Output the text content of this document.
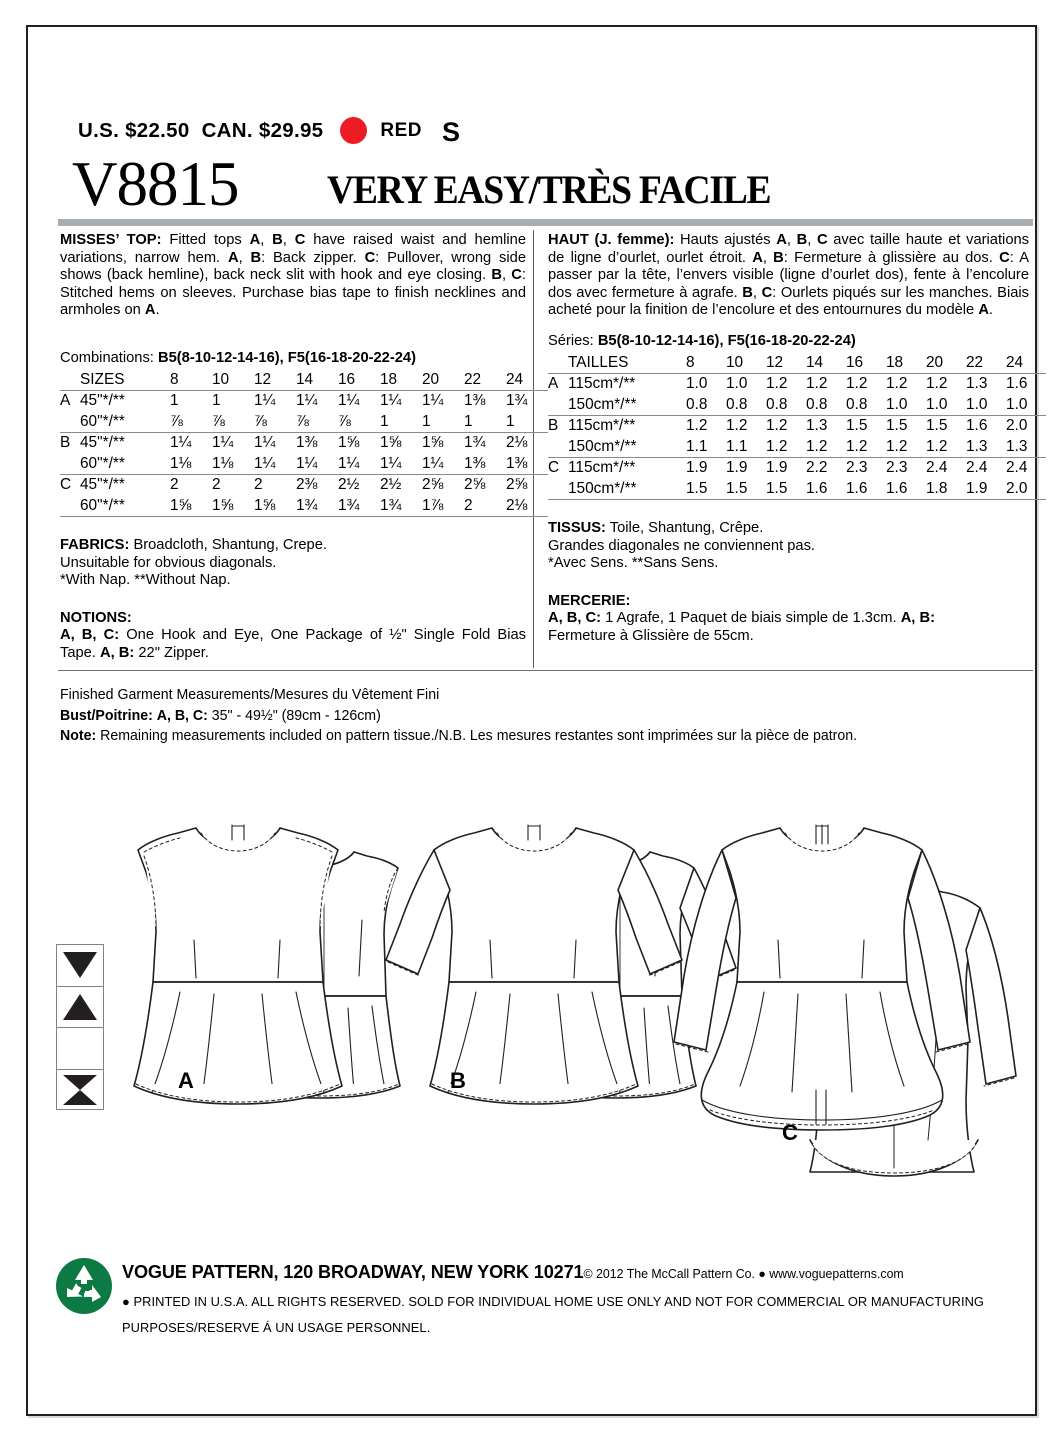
U.S. $22.50 CAN. $29.95	RED S
V8815 VERY EASY/TRÈS FACILE

MISSES’ TOP: Fitted tops A, B, C have raised waist and hemline variations, narrow hem. A, B: Back zipper. C: Pullover, wrong side shows (back hemline), back neck slit with hook and eye closing. B, C: Stitched hems on sleeves. Purchase bias tape to finish necklines and armholes on A.

Combinations: B5(8-10-12-14-16), F5(16-18-20-22-24)
	SIZES	8	10	12	14	16	18	20	22	24
A	45"*/**	1	1	1¼	1¼	1¼	1¼	1¼	1⅜	1¾
	60"*/**	⅞	⅞	⅞	⅞	⅞	1	1	1	1
B	45"*/**	1¼	1¼	1¼	1⅜	1⅝	1⅝	1⅝	1¾	2⅛
	60"*/**	1⅛	1⅛	1¼	1¼	1¼	1¼	1¼	1⅜	1⅜
C	45"*/**	2	2	2	2⅜	2½	2½	2⅝	2⅝	2⅝
	60"*/**	1⅝	1⅝	1⅝	1¾	1¾	1¾	1⅞	2	2⅛

FABRICS: Broadcloth, Shantung, Crepe.

Unsuitable for obvious diagonals.

*With Nap. **Without Nap.

NOTIONS:

A, B, C: One Hook and Eye, One Package of ½" Single Fold Bias Tape. A, B: 22" Zipper.

HAUT (J. femme): Hauts ajustés A, B, C avec taille haute et variations de ligne d’ourlet, ourlet étroit. A, B: Fermeture à glissière au dos. C: A passer par la tête, l’envers visible (ligne d’ourlet dos), fente à l’encolure dos avec fermeture à agrafe. B, C: Ourlets piqués sur les manches. Biais acheté pour la finition de l’encolure et des entournures du modèle A.

Séries: B5(8-10-12-14-16), F5(16-18-20-22-24)
	TAILLES	8	10	12	14	16	18	20	22	24
A	115cm*/**	1.0	1.0	1.2	1.2	1.2	1.2	1.2	1.3	1.6
	150cm*/**	0.8	0.8	0.8	0.8	0.8	1.0	1.0	1.0	1.0
B	115cm*/**	1.2	1.2	1.2	1.3	1.5	1.5	1.5	1.6	2.0
	150cm*/**	1.1	1.1	1.2	1.2	1.2	1.2	1.2	1.3	1.3
C	115cm*/**	1.9	1.9	1.9	2.2	2.3	2.3	2.4	2.4	2.4
	150cm*/**	1.5	1.5	1.5	1.6	1.6	1.6	1.8	1.9	2.0

TISSUS: Toile, Shantung, Crêpe.

Grandes diagonales ne conviennent pas.

*Avec Sens. **Sans Sens.

MERCERIE:

A, B, C: 1 Agrafe, 1 Paquet de biais simple de 1.3cm. A, B:
Fermeture à Glissière de 55cm.

Finished Garment Measurements/Mesures du Vêtement Fini
Bust/Poitrine: A, B, C: 35" - 49½" (89cm - 126cm)
Note: Remaining measurements included on pattern tissue./N.B. Les mesures restantes sont imprimées sur la pièce de patron.
A	B
C
VOGUE PATTERN, 120 BROADWAY, NEW YORK 10271© 2012 The McCall Pattern Co. ● www.voguepatterns.com
● PRINTED IN U.S.A. ALL RIGHTS RESERVED. SOLD FOR INDIVIDUAL HOME USE ONLY AND NOT FOR COMMERCIAL OR MANUFACTURING
PURPOSES/RESERVE Á UN USAGE PERSONNEL.
